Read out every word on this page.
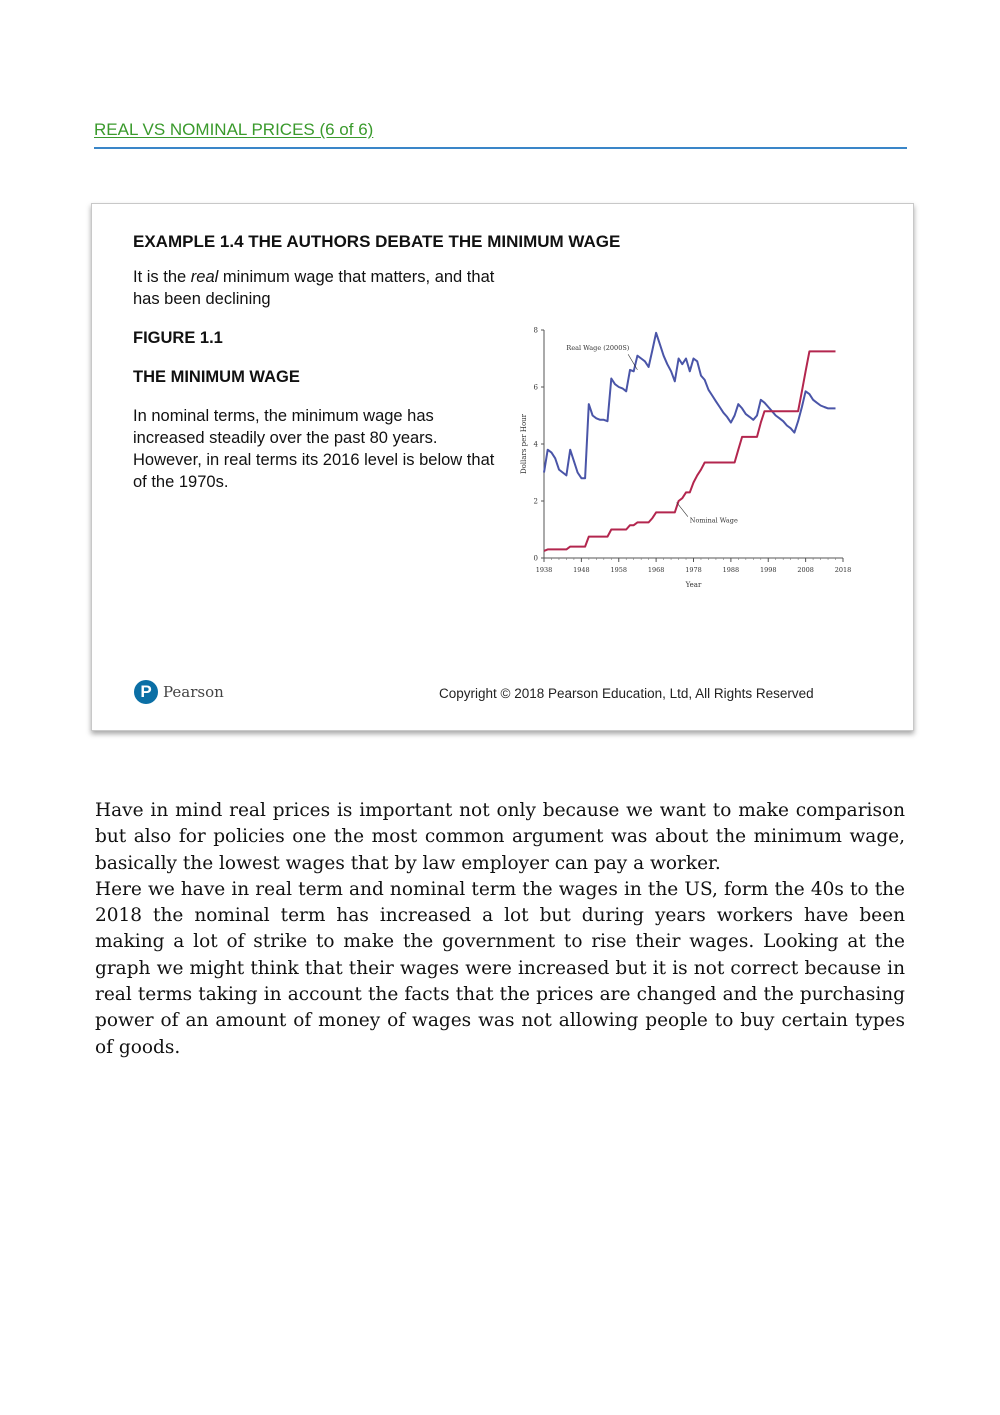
REAL VS NOMINAL PRICES (6 of 6)
EXAMPLE 1.4 THE AUTHORS DEBATE THE MINIMUM WAGE
It is the real minimum wage that matters, and that has been declining
FIGURE 1.1
THE MINIMUM WAGE
In nominal terms, the minimum wage has increased steadily over the past 80 years. However, in real terms its 2016 level is below that of the 1970s.
0
2
4
6
8
1938	1948	1958	1968	1978	1988	1998	2008	2018
Year
Dollars per Hour
Real Wage (2000S)
Nominal Wage
P Pearson	Copyright © 2018 Pearson Education, Ltd, All Rights Reserved

Have in mind real prices is important not only because we want to make comparison but also for policies one the most common argument was about the minimum wage, basically the lowest wages that by law employer can pay a worker.

Here we have in real term and nominal term the wages in the US, form the 40s to the 2018 the nominal term has increased a lot but during years workers have been making a lot of strike to make the government to rise their wages. Looking at the graph we might think that their wages were increased but it is not correct because in real terms taking in account the facts that the prices are changed and the purchasing power of an amount of money of wages was not allowing people to buy certain types of goods.
